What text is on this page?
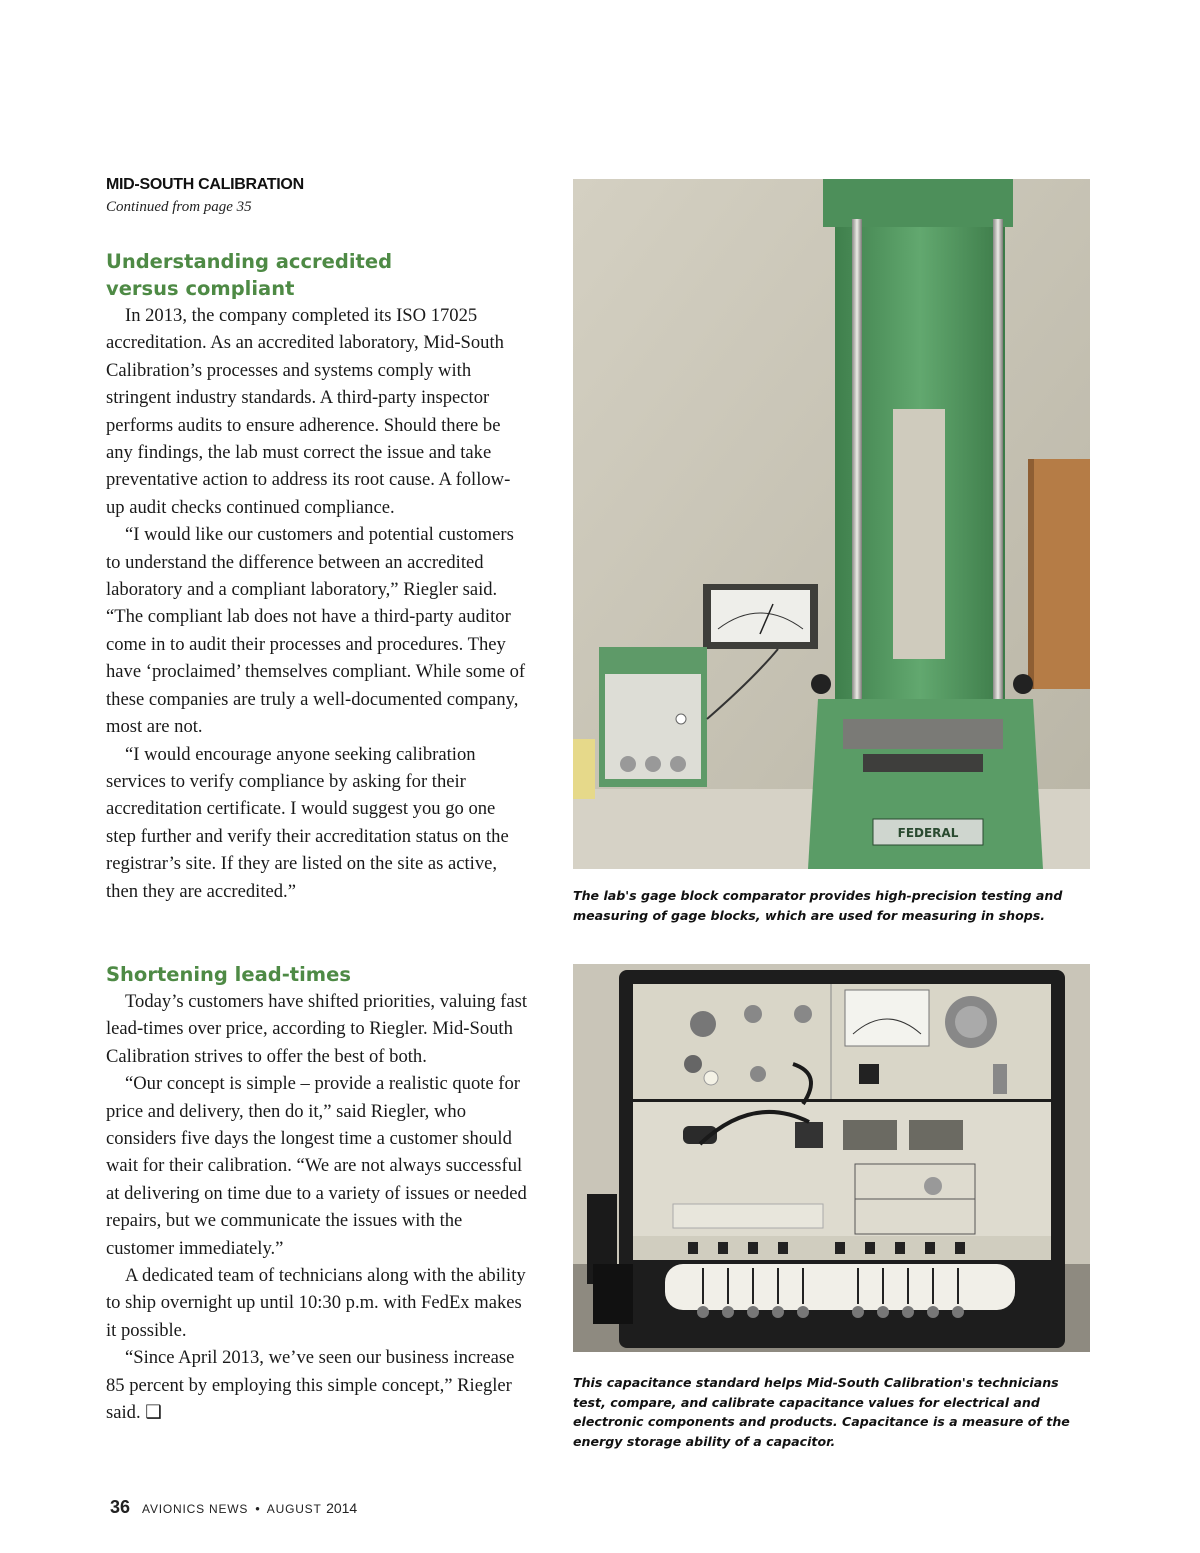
MID-SOUTH CALIBRATION
Continued from page 35
Understanding accredited
versus compliant

In 2013, the company completed its ISO 17025 accreditation. As an accredited laboratory, Mid-South Calibration’s processes and systems comply with stringent industry standards. A third-party inspector performs audits to ensure adherence. Should there be any findings, the lab must correct the issue and take preventative action to address its root cause. A follow-up audit checks continued compliance.

“I would like our customers and potential customers to understand the difference between an accredited laboratory and a compliant laboratory,” Riegler said. “The compliant lab does not have a third-party auditor come in to audit their processes and procedures. They have ‘proclaimed’ themselves compliant. While some of these companies are truly a well-documented company, most are not.

“I would encourage anyone seeking calibration services to verify compliance by asking for their accreditation certificate. I would suggest you go one step further and verify their accreditation status on the registrar’s site. If they are listed on the site as active, then they are accredited.”

Shortening lead-times

Today’s customers have shifted priorities, valuing fast lead-times over price, according to Riegler. Mid-South Calibration strives to offer the best of both.

“Our concept is simple – provide a realistic quote for price and delivery, then do it,” said Riegler, who considers five days the longest time a customer should wait for their calibration. “We are not always successful at delivering on time due to a variety of issues or needed repairs, but we communicate the issues with the customer immediately.”

A dedicated team of technicians along with the ability to ship overnight up until 10:30 p.m. with FedEx makes it possible.

“Since April 2013, we’ve seen our business increase 85 percent by employing this simple concept,” Riegler said. ❑

FEDERAL
The lab's gage block comparator provides high-precision testing and measuring of gage blocks, which are used for measuring in shops.
This capacitance standard helps Mid-South Calibration's technicians test, compare, and calibrate capacitance values for electrical and electronic components and products. Capacitance is a measure of the energy storage ability of a capacitor.
36 AVIONICS NEWS • AUGUST 2014
